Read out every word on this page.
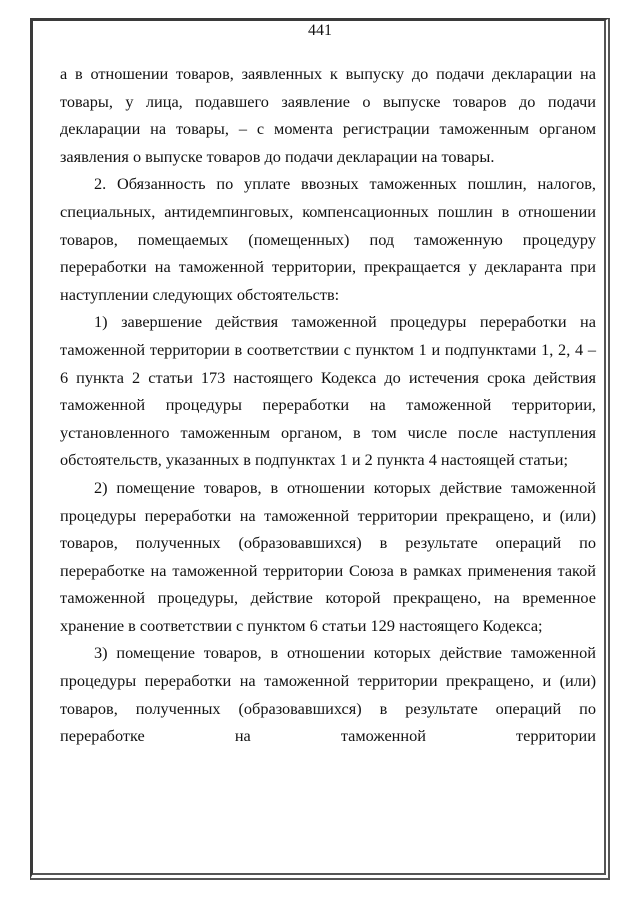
441

а в отношении товаров, заявленных к выпуску до подачи декларации на товары, у лица, подавшего заявление о выпуске товаров до подачи декларации на товары, – с момента регистрации таможенным органом заявления о выпуске товаров до подачи декларации на товары.

2. Обязанность по уплате ввозных таможенных пошлин, налогов, специальных, антидемпинговых, компенсационных пошлин в отношении товаров, помещаемых (помещенных) под таможенную процедуру переработки на таможенной территории, прекращается у декларанта при наступлении следующих обстоятельств:

1) завершение действия таможенной процедуры переработки на таможенной территории в соответствии с пунктом 1 и подпунктами 1, 2, 4 – 6 пункта 2 статьи 173 настоящего Кодекса до истечения срока действия таможенной процедуры переработки на таможенной территории, установленного таможенным органом, в том числе после наступления обстоятельств, указанных в подпунктах 1 и 2 пункта 4 настоящей статьи;

2) помещение товаров, в отношении которых действие таможенной процедуры переработки на таможенной территории прекращено, и (или) товаров, полученных (образовавшихся) в результате операций по переработке на таможенной территории Союза в рамках применения такой таможенной процедуры, действие которой прекращено, на временное хранение в соответствии с пунктом 6 статьи 129 настоящего Кодекса;

3) помещение товаров, в отношении которых действие таможенной процедуры переработки на таможенной территории прекращено, и (или) товаров, полученных (образовавшихся) в результате операций по переработке на таможенной территории
